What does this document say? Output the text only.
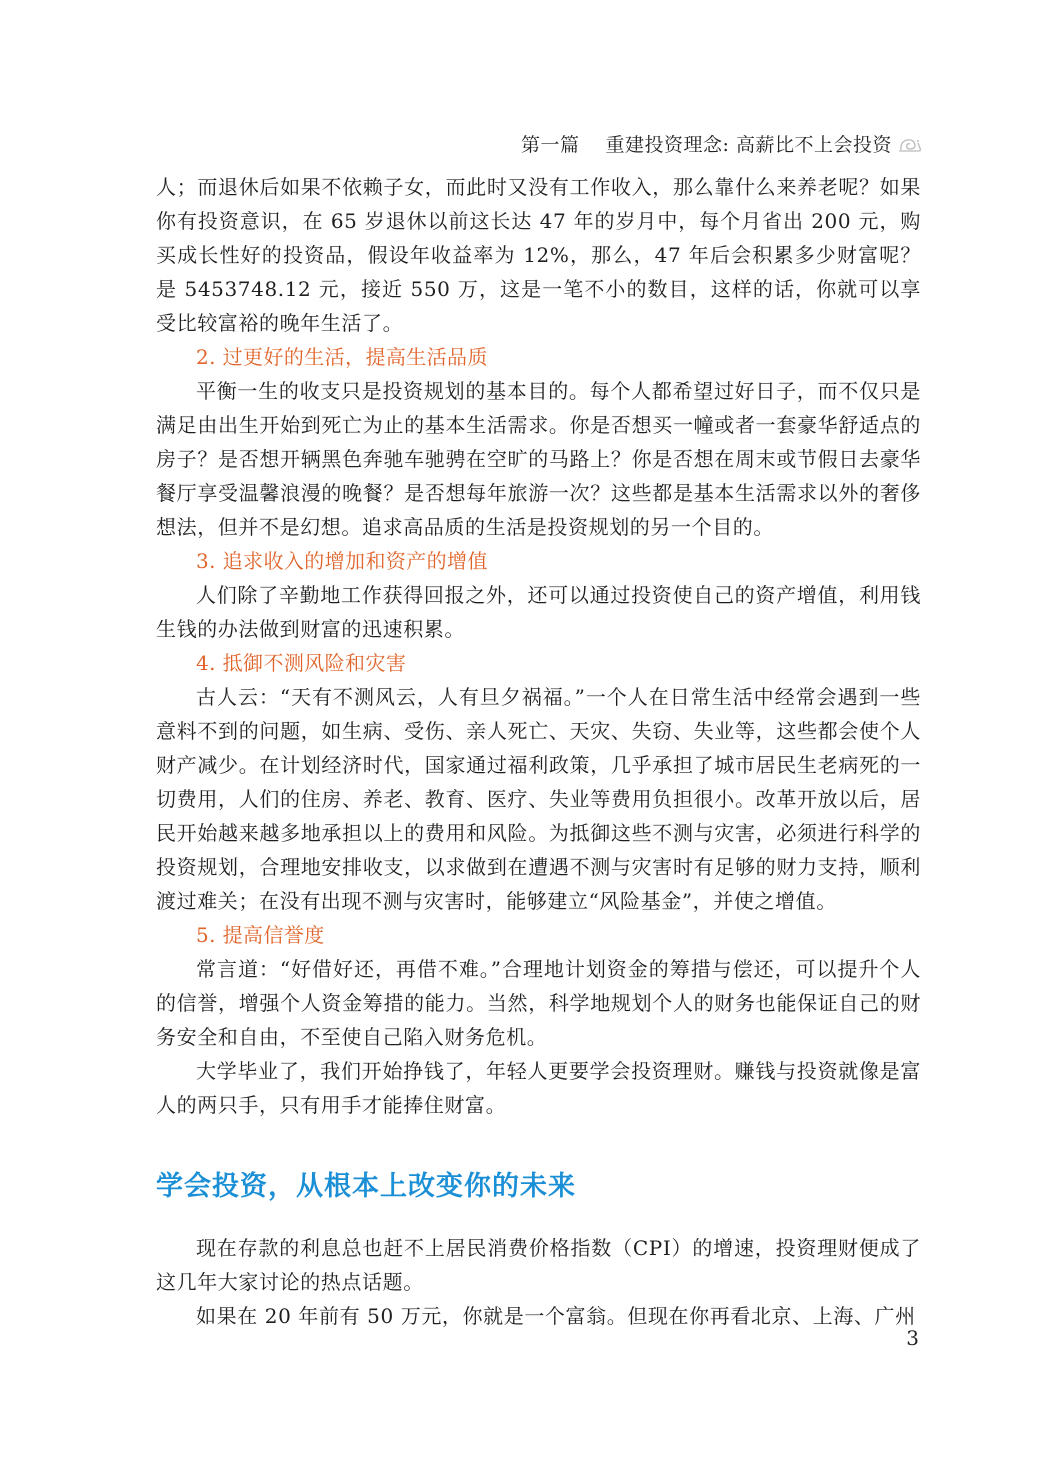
第一篇 重建投资理念: 高薪比不上会投资

人；而退休后如果不依赖子女，而此时又没有工作收入，那么靠什么来养老呢？如果你有投资意识，在 65 岁退休以前这长达 47 年的岁月中，每个月省出 200 元，购买成长性好的投资品，假设年收益率为 12%，那么，47 年后会积累多少财富呢？是 5453748.12 元，接近 550 万，这是一笔不小的数目，这样的话，你就可以享受比较富裕的晚年生活了。

2. 过更好的生活，提高生活品质

平衡一生的收支只是投资规划的基本目的。每个人都希望过好日子，而不仅只是满足由出生开始到死亡为止的基本生活需求。你是否想买一幢或者一套豪华舒适点的房子？是否想开辆黑色奔驰车驰骋在空旷的马路上？你是否想在周末或节假日去豪华餐厅享受温馨浪漫的晚餐？是否想每年旅游一次？这些都是基本生活需求以外的奢侈想法，但并不是幻想。追求高品质的生活是投资规划的另一个目的。

3. 追求收入的增加和资产的增值

人们除了辛勤地工作获得回报之外，还可以通过投资使自己的资产增值，利用钱生钱的办法做到财富的迅速积累。

4. 抵御不测风险和灾害

古人云：“天有不测风云，人有旦夕祸福。”一个人在日常生活中经常会遇到一些意料不到的问题，如生病、受伤、亲人死亡、天灾、失窃、失业等，这些都会使个人财产减少。在计划经济时代，国家通过福利政策，几乎承担了城市居民生老病死的一切费用，人们的住房、养老、教育、医疗、失业等费用负担很小。改革开放以后，居民开始越来越多地承担以上的费用和风险。为抵御这些不测与灾害，必须进行科学的投资规划，合理地安排收支，以求做到在遭遇不测与灾害时有足够的财力支持，顺利渡过难关；在没有出现不测与灾害时，能够建立“风险基金”，并使之增值。

5. 提高信誉度

常言道：“好借好还，再借不难。”合理地计划资金的筹措与偿还，可以提升个人的信誉，增强个人资金筹措的能力。当然，科学地规划个人的财务也能保证自己的财务安全和自由，不至使自己陷入财务危机。

大学毕业了，我们开始挣钱了，年轻人更要学会投资理财。赚钱与投资就像是富人的两只手，只有用手才能捧住财富。

学会投资，从根本上改变你的未来

现在存款的利息总也赶不上居民消费价格指数（CPI）的增速，投资理财便成了这几年大家讨论的热点话题。

如果在 20 年前有 50 万元，你就是一个富翁。但现在你再看北京、上海、广州

3
